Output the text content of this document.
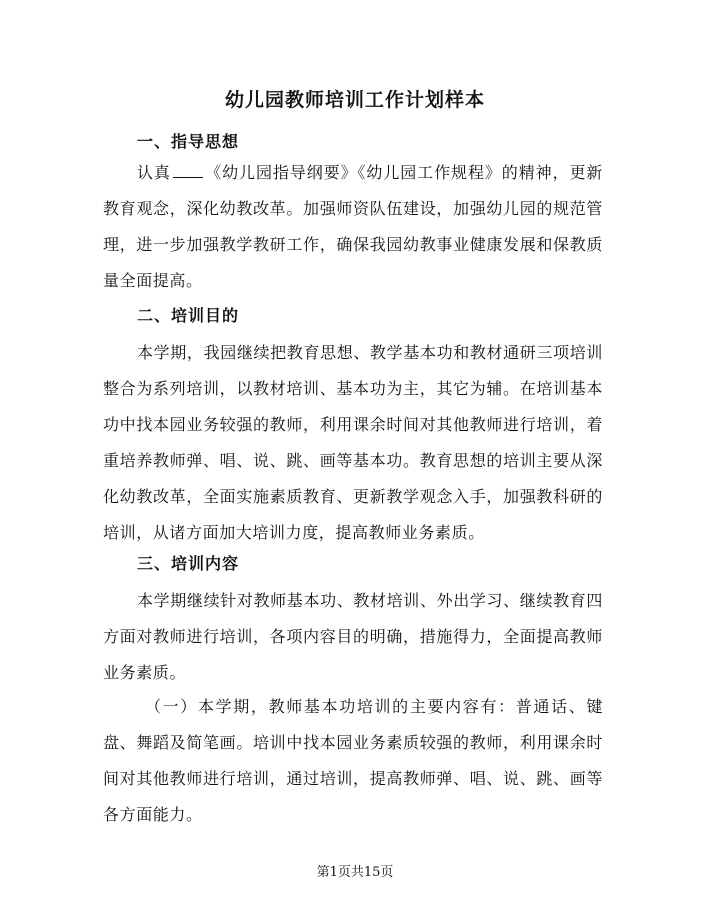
幼儿园教师培训工作计划样本
一、指导思想
认真 《幼儿园指导纲要》《幼儿园工作规程》的精神，更新教育观念，深化幼教改革。加强师资队伍建设，加强幼儿园的规范管理，进一步加强教学教研工作，确保我园幼教事业健康发展和保教质量全面提高。
二、培训目的
本学期，我园继续把教育思想、教学基本功和教材通研三项培训整合为系列培训，以教材培训、基本功为主，其它为辅。在培训基本功中找本园业务较强的教师，利用课余时间对其他教师进行培训，着重培养教师弹、唱、说、跳、画等基本功。教育思想的培训主要从深化幼教改革，全面实施素质教育、更新教学观念入手，加强教科研的培训，从诸方面加大培训力度，提高教师业务素质。
三、培训内容
本学期继续针对教师基本功、教材培训、外出学习、继续教育四方面对教师进行培训，各项内容目的明确，措施得力，全面提高教师业务素质。
（一）本学期，教师基本功培训的主要内容有：普通话、键盘、舞蹈及简笔画。培训中找本园业务素质较强的教师，利用课余时间对其他教师进行培训，通过培训，提高教师弹、唱、说、跳、画等各方面能力。
第1页共15页
